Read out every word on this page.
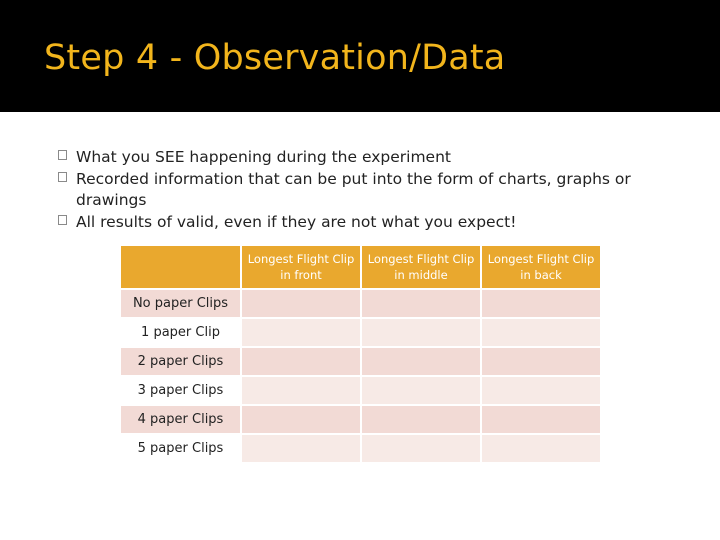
Step 4 - Observation/Data
What you SEE happening during the experiment
Recorded information that can be put into the form of charts, graphs or drawings
All results of valid, even if they are not what you expect!
	Longest Flight Clip in front	Longest Flight Clip in middle	Longest Flight Clip in back
No paper Clips			
1 paper Clip			
2 paper Clips			
3 paper Clips			
4 paper Clips			
5 paper Clips			
